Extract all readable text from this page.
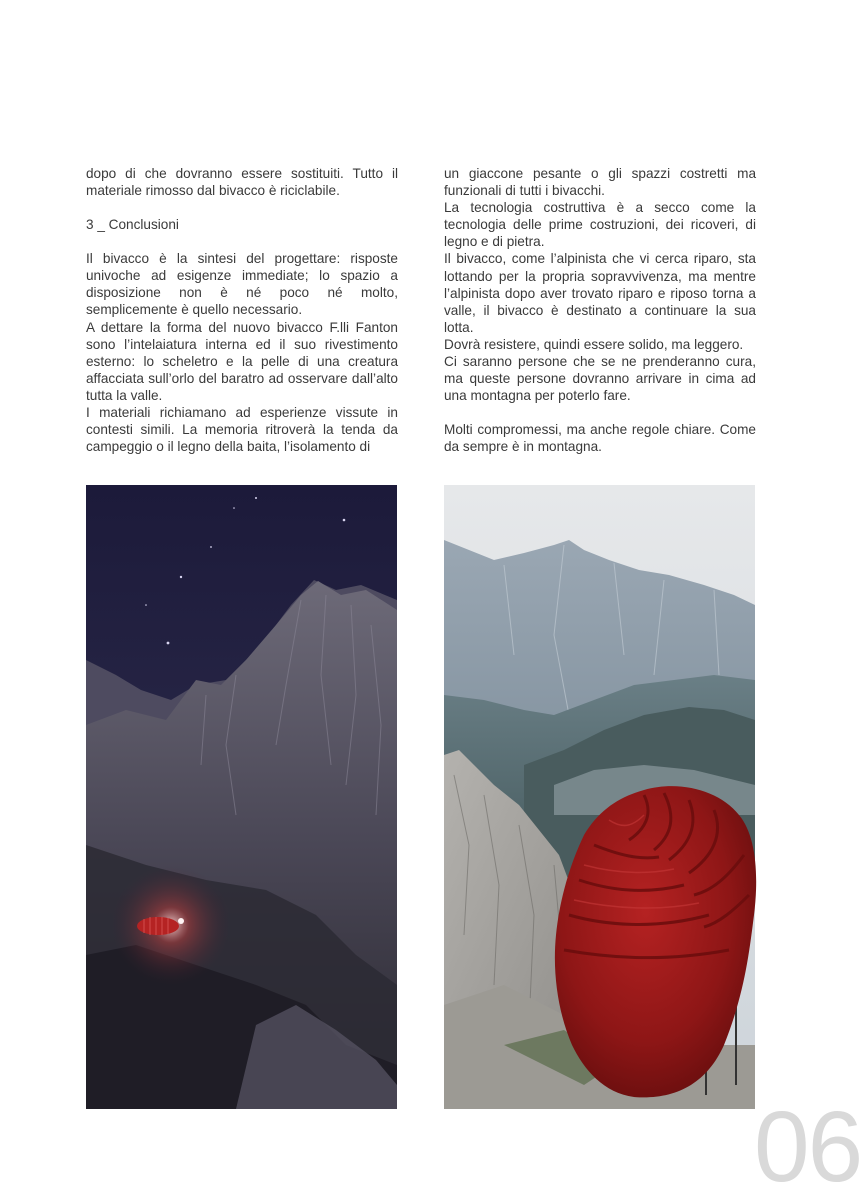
dopo di che dovranno essere sostituiti. Tutto il materiale rimosso dal bivacco è riciclabile.

3 _ Conclusioni

Il bivacco è la sintesi del progettare: risposte univoche ad esigenze immediate; lo spazio a disposizione non è né poco né molto, semplicemente è quello necessario.

A dettare la forma del nuovo bivacco F.lli Fanton sono l’intelaiatura interna ed il suo rivestimento esterno: lo scheletro e la pelle di una creatura affacciata sull’orlo del baratro ad osservare dall’alto tutta la valle.

I materiali richiamano ad esperienze vissute in contesti simili. La memoria ritroverà la tenda da campeggio o il legno della baita, l’isolamento di

un giaccone pesante o gli spazzi costretti ma funzionali di tutti i bivacchi.

La tecnologia costruttiva è a secco come la tecnologia delle prime costruzioni, dei ricoveri, di legno e di pietra.

Il bivacco, come l’alpinista che vi cerca riparo, sta lottando per la propria sopravvivenza, ma mentre l’alpinista dopo aver trovato riparo e riposo torna a valle, il bivacco è destinato a continuare la sua lotta.

Dovrà resistere, quindi essere solido, ma leggero.

Ci saranno persone che se ne prenderanno cura, ma queste persone dovranno arrivare in cima ad una montagna per poterlo fare.

Molti compromessi, ma anche regole chiare. Come da sempre è in montagna.

06
